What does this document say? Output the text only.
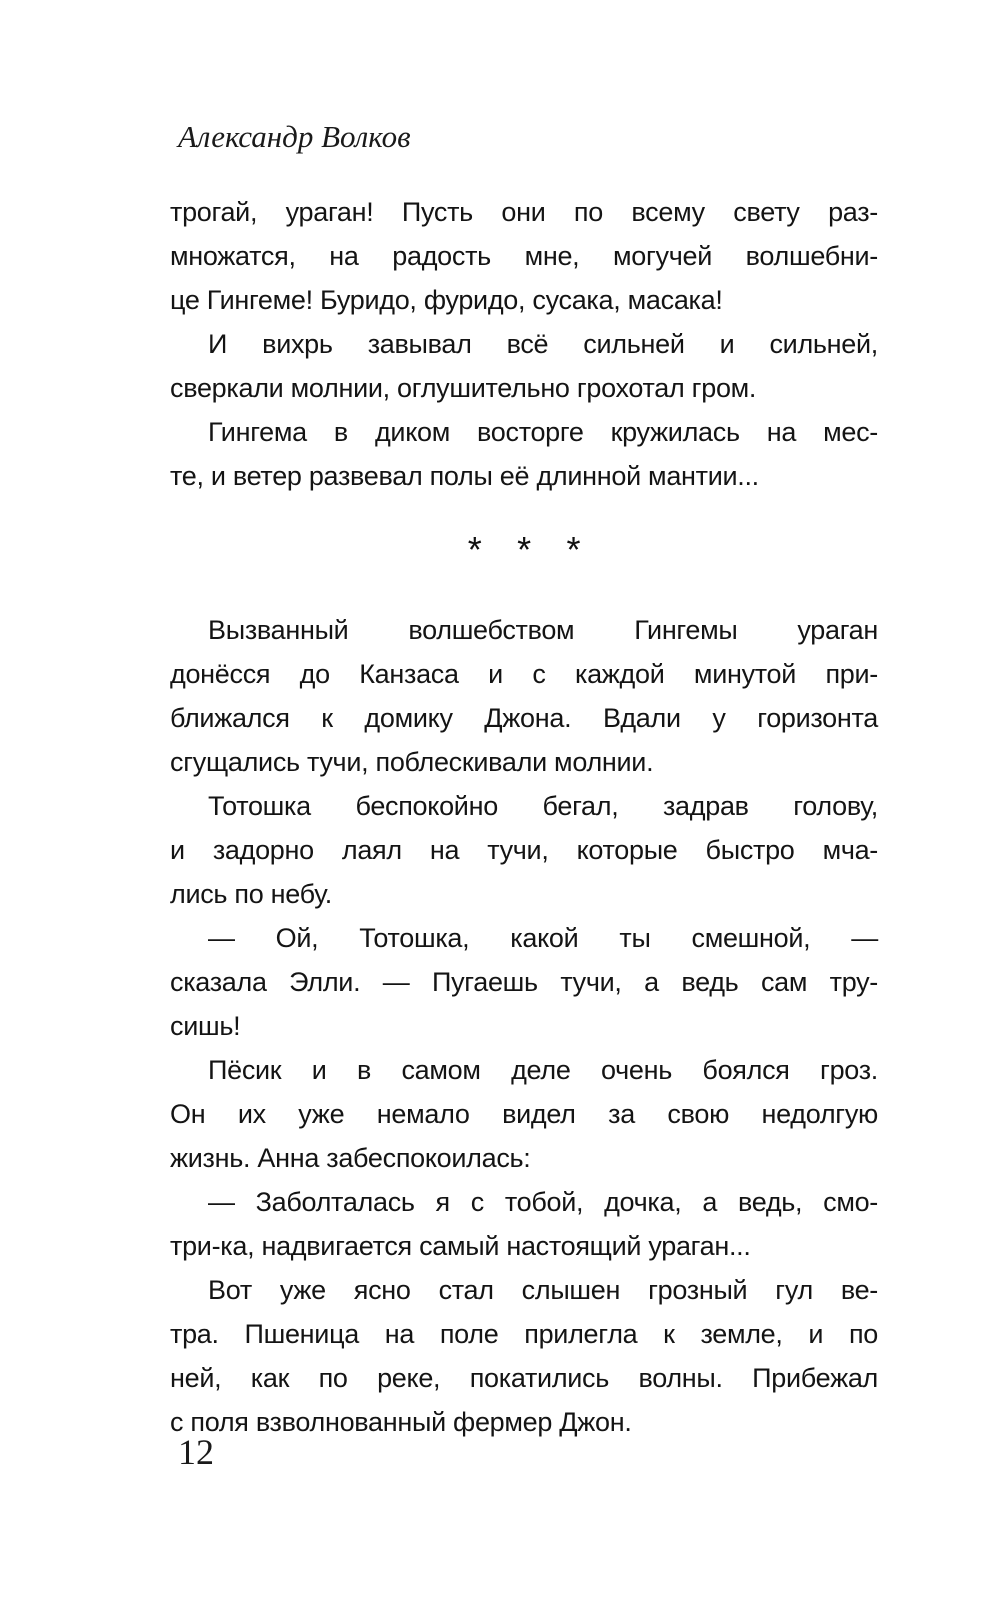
Александр Волков
трогай, ураган! Пусть они по всему свету раз-
множатся, на радость мне, могучей волшебни-
це Гингеме! Буридо, фуридо, сусака, масака!
И вихрь завывал всё сильней и сильней,
сверкали молнии, оглушительно грохотал гром.
Гингема в диком восторге кружилась на мес-
те, и ветер развевал полы её длинной мантии...
* * *
Вызванный волшебством Гингемы ураган
донёсся до Канзаса и с каждой минутой при-
ближался к домику Джона. Вдали у горизонта
сгущались тучи, поблескивали молнии.
Тотошка беспокойно бегал, задрав голову,
и задорно лаял на тучи, которые быстро мча-
лись по небу.
— Ой, Тотошка, какой ты смешной, —
сказала Элли. — Пугаешь тучи, а ведь сам тру-
сишь!
Пёсик и в самом деле очень боялся гроз.
Он их уже немало видел за свою недолгую
жизнь. Анна забеспокоилась:
— Заболталась я с тобой, дочка, а ведь, смо-
три-ка, надвигается самый настоящий ураган...
Вот уже ясно стал слышен грозный гул ве-
тра. Пшеница на поле прилегла к земле, и по
ней, как по реке, покатились волны. Прибежал
с поля взволнованный фермер Джон.
12
